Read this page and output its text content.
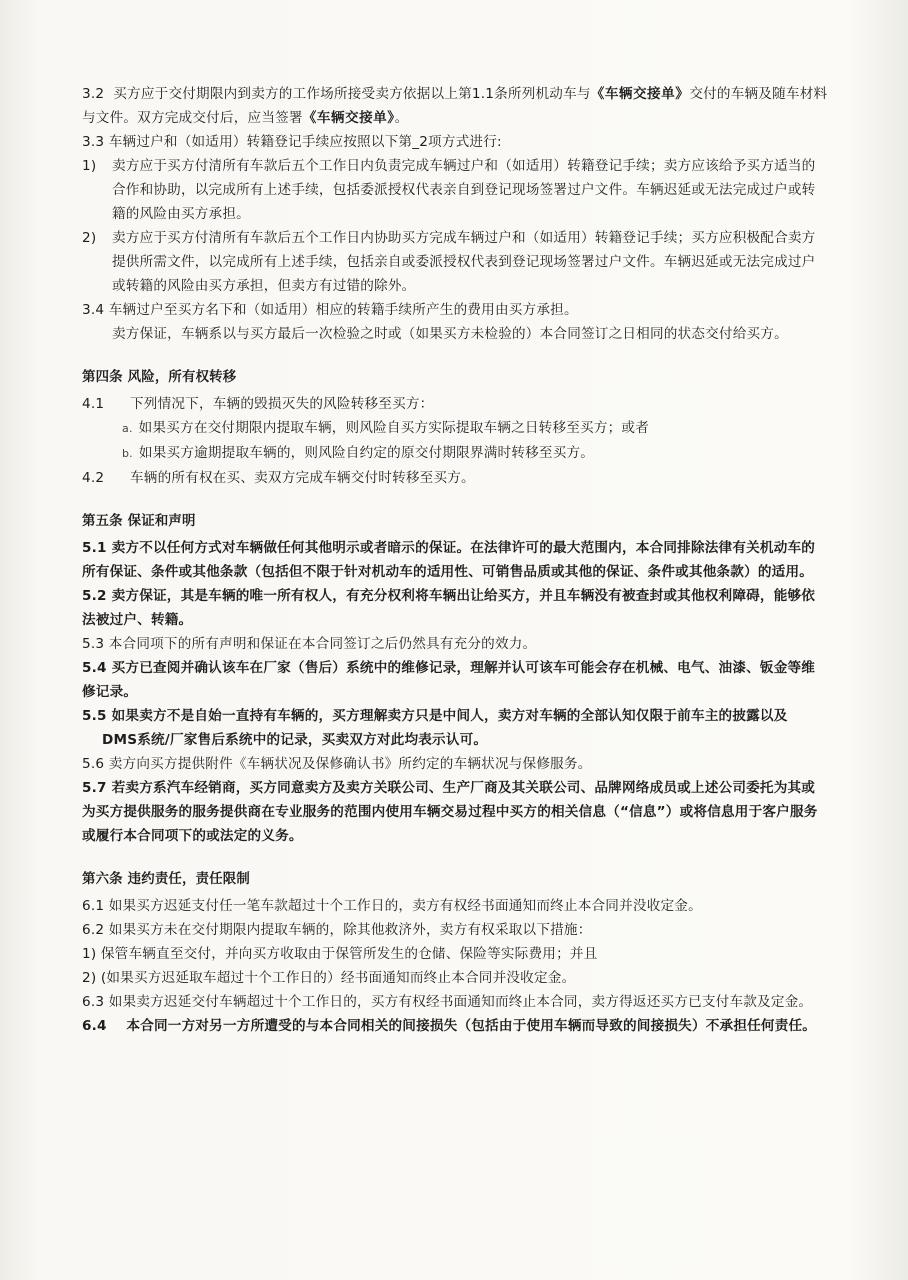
3.2 买方应于交付期限内到卖方的工作场所接受卖方依据以上第1.1条所列机动车与《车辆交接单》交付的车辆及随车材料与文件。双方完成交付后，应当签署《车辆交接单》。

3.3 车辆过户和（如适用）转籍登记手续应按照以下第_2项方式进行:

1)	卖方应于买方付清所有车款后五个工作日内负责完成车辆过户和（如适用）转籍登记手续；卖方应该给予买方适当的合作和协助，以完成所有上述手续，包括委派授权代表亲自到登记现场签署过户文件。车辆迟延或无法完成过户或转籍的风险由买方承担。
2)	卖方应于买方付清所有车款后五个工作日内协助买方完成车辆过户和（如适用）转籍登记手续；买方应积极配合卖方提供所需文件，以完成所有上述手续，包括亲自或委派授权代表到登记现场签署过户文件。车辆迟延或无法完成过户或转籍的风险由买方承担，但卖方有过错的除外。

3.4 车辆过户至买方名下和（如适用）相应的转籍手续所产生的费用由买方承担。

卖方保证，车辆系以与买方最后一次检验之时或（如果买方未检验的）本合同签订之日相同的状态交付给买方。

第四条 风险，所有权转移

4.1	下列情况下，车辆的毁损灭失的风险转移至买方：

a. 如果买方在交付期限内提取车辆，则风险自买方实际提取车辆之日转移至买方；或者

b. 如果买方逾期提取车辆的，则风险自约定的原交付期限界满时转移至买方。

4.2	车辆的所有权在买、卖双方完成车辆交付时转移至买方。

第五条 保证和声明

5.1 卖方不以任何方式对车辆做任何其他明示或者暗示的保证。在法律许可的最大范围内，本合同排除法律有关机动车的所有保证、条件或其他条款（包括但不限于针对机动车的适用性、可销售品质或其他的保证、条件或其他条款）的适用。

5.2 卖方保证，其是车辆的唯一所有权人，有充分权利将车辆出让给买方，并且车辆没有被查封或其他权利障碍，能够依法被过户、转籍。

5.3 本合同项下的所有声明和保证在本合同签订之后仍然具有充分的效力。

5.4 买方已查阅并确认该车在厂家（售后）系统中的维修记录，理解并认可该车可能会存在机械、电气、油漆、钣金等维修记录。

5.5 如果卖方不是自始一直持有车辆的，买方理解卖方只是中间人，卖方对车辆的全部认知仅限于前车主的披露以及
DMS系统/厂家售后系统中的记录，买卖双方对此均表示认可。

5.6 卖方向买方提供附件《车辆状况及保修确认书》所约定的车辆状况与保修服务。

5.7 若卖方系汽车经销商，买方同意卖方及卖方关联公司、生产厂商及其关联公司、品牌网络成员或上述公司委托为其或为买方提供服务的服务提供商在专业服务的范围内使用车辆交易过程中买方的相关信息（“信息”）或将信息用于客户服务或履行本合同项下的或法定的义务。

第六条 违约责任，责任限制

6.1 如果买方迟延支付任一笔车款超过十个工作日的，卖方有权经书面通知而终止本合同并没收定金。

6.2 如果买方未在交付期限内提取车辆的，除其他救济外，卖方有权采取以下措施：

1) 保管车辆直至交付，并向买方收取由于保管所发生的仓储、保险等实际费用；并且

2) (如果买方迟延取车超过十个工作日的）经书面通知而终止本合同并没收定金。

6.3 如果卖方迟延交付车辆超过十个工作日的，买方有权经书面通知而终止本合同，卖方得返还买方已支付车款及定金。

6.4 本合同一方对另一方所遭受的与本合同相关的间接损失（包括由于使用车辆而导致的间接损失）不承担任何责任。
